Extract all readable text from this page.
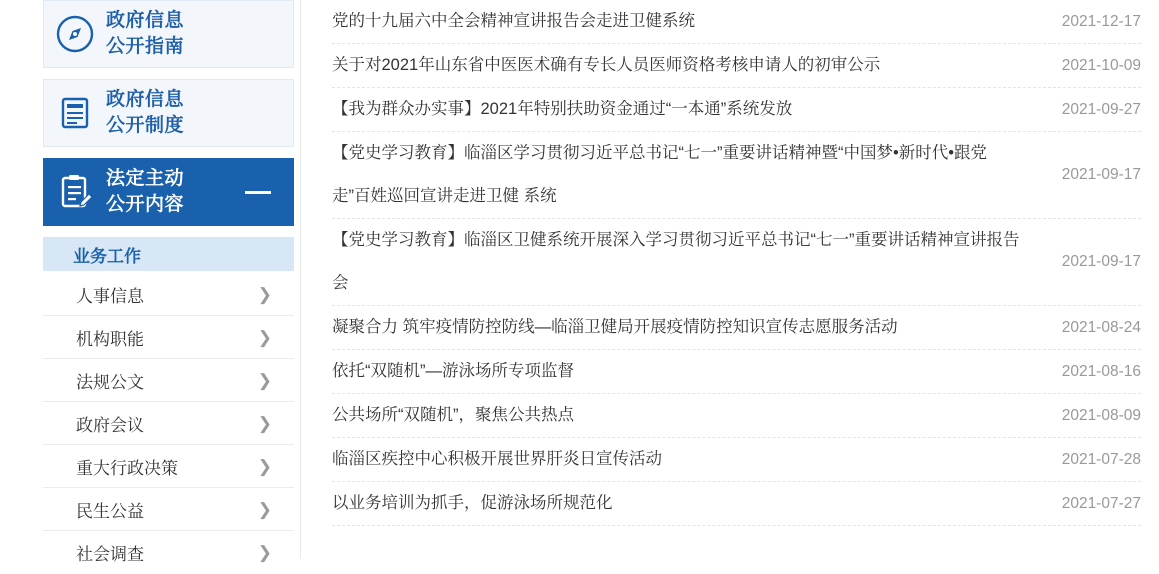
政府信息
公开指南
政府信息
公开制度
法定主动
公开内容
业务工作
人事信息	❯
机构职能	❯
法规公文	❯
政府会议	❯
重大行政决策	❯
民生公益	❯
社会调查	❯
党的十九届六中全会精神宣讲报告会走进卫健系统	2021-12-17
关于对2021年山东省中医医术确有专长人员医师资格考核申请人的初审公示	2021-10-09
【我为群众办实事】2021年特别扶助资金通过“一本通”系统发放	2021-09-27
【党史学习教育】临淄区学习贯彻习近平总书记“七一”重要讲话精神暨“中国梦•新时代•跟党走”百姓巡回宣讲走进卫健 系统
2021-09-17
【党史学习教育】临淄区卫健系统开展深入学习贯彻习近平总书记“七一”重要讲话精神宣讲报告会
2021-09-17
凝聚合力 筑牢疫情防控防线—临淄卫健局开展疫情防控知识宣传志愿服务活动	2021-08-24
依托“双随机”—游泳场所专项监督	2021-08-16
公共场所“双随机”，聚焦公共热点	2021-08-09
临淄区疾控中心积极开展世界肝炎日宣传活动	2021-07-28
以业务培训为抓手，促游泳场所规范化	2021-07-27
